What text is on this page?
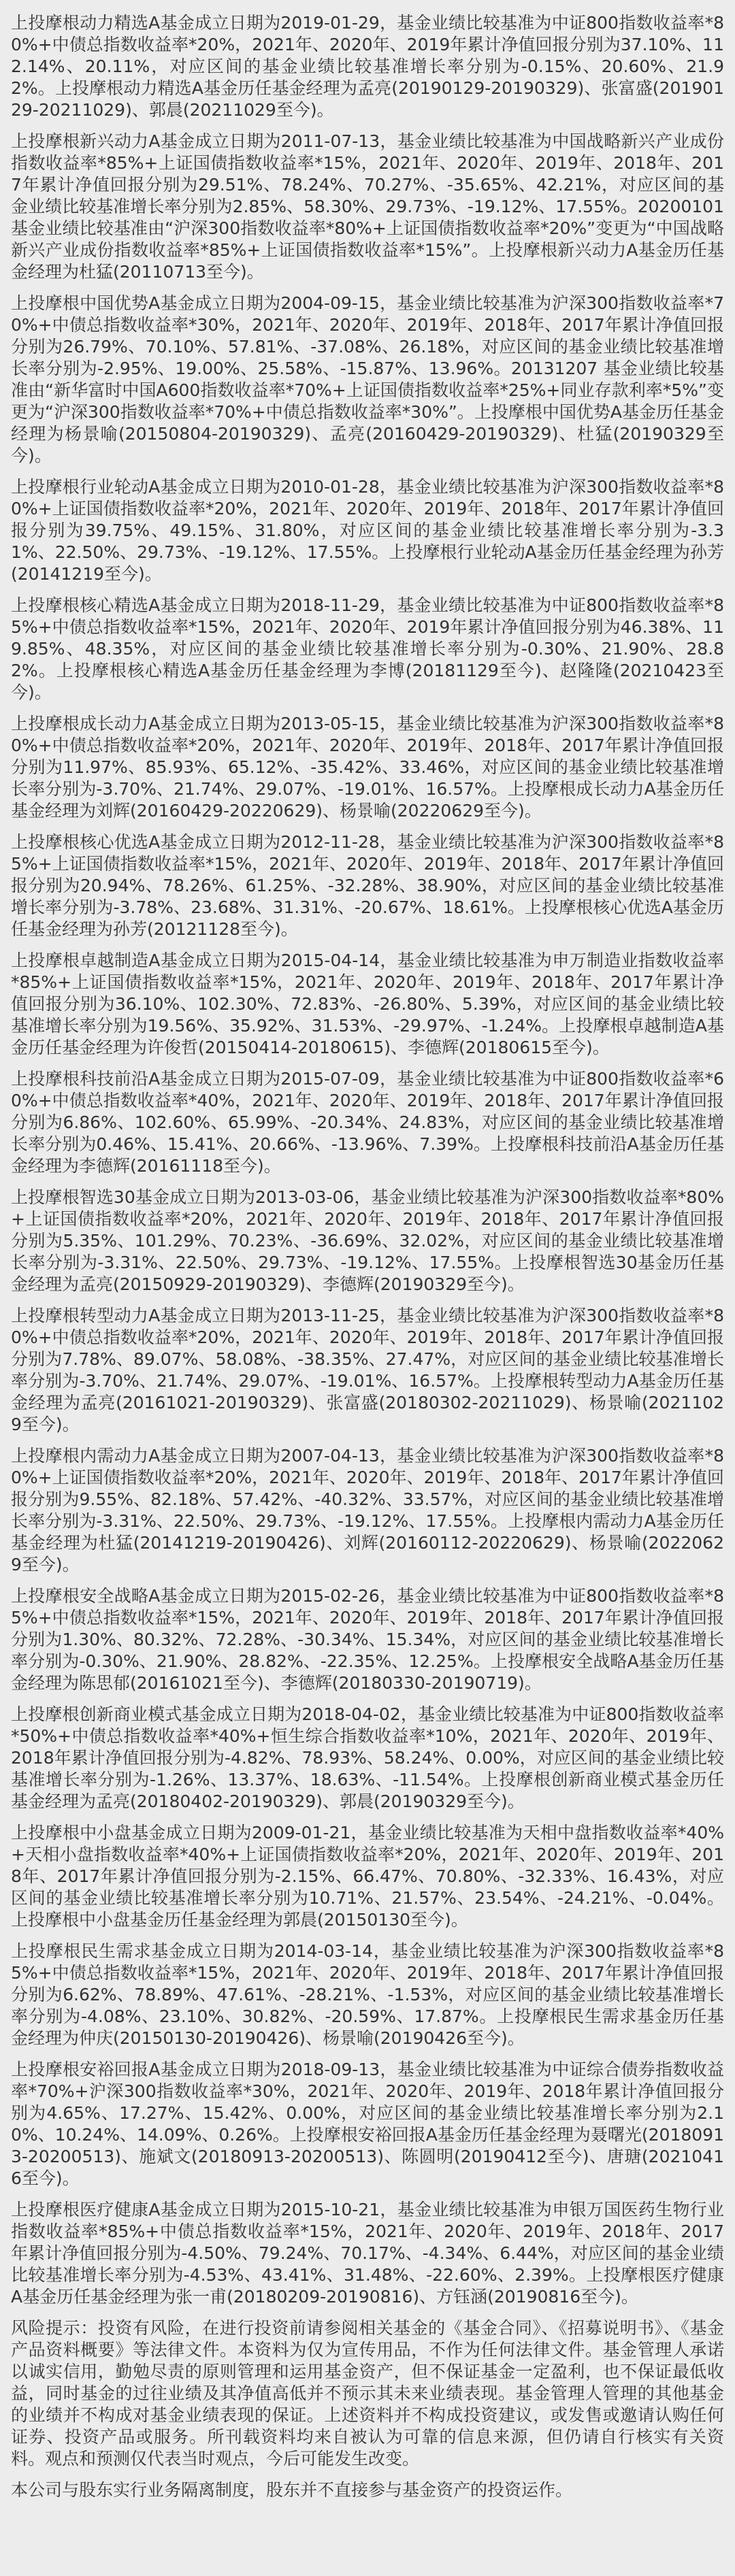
上投摩根动力精选A基金成立日期为2019-01-29，基金业绩比较基准为中证800指数收益率*80%+中债总指数收益率*20%，2021年、2020年、2019年累计净值回报分别为37.10%、112.14%、20.11%，对应区间的基金业绩比较基准增长率分别为-0.15%、20.60%、21.92%。上投摩根动力精选A基金历任基金经理为孟亮(20190129-20190329)、张富盛(20190129-20211029)、郭晨(20211029至今)。

上投摩根新兴动力A基金成立日期为2011-07-13，基金业绩比较基准为中国战略新兴产业成份指数收益率*85%+上证国债指数收益率*15%，2021年、2020年、2019年、2018年、2017年累计净值回报分别为29.51%、78.24%、70.27%、-35.65%、42.21%，对应区间的基金业绩比较基准增长率分别为2.85%、58.30%、29.73%、-19.12%、17.55%。20200101 基金业绩比较基准由“沪深300指数收益率*80%+上证国债指数收益率*20%”变更为“中国战略新兴产业成份指数收益率*85%+上证国债指数收益率*15%”。上投摩根新兴动力A基金历任基金经理为杜猛(20110713至今)。

上投摩根中国优势A基金成立日期为2004-09-15，基金业绩比较基准为沪深300指数收益率*70%+中债总指数收益率*30%，2021年、2020年、2019年、2018年、2017年累计净值回报分别为26.79%、70.10%、57.81%、-37.08%、26.18%，对应区间的基金业绩比较基准增长率分别为-2.95%、19.00%、25.58%、-15.87%、13.96%。20131207 基金业绩比较基准由“新华富时中国A600指数收益率*70%+上证国债指数收益率*25%+同业存款利率*5%”变更为“沪深300指数收益率*70%+中债总指数收益率*30%”。上投摩根中国优势A基金历任基金经理为杨景喻(20150804-20190329)、孟亮(20160429-20190329)、杜猛(20190329至今)。

上投摩根行业轮动A基金成立日期为2010-01-28，基金业绩比较基准为沪深300指数收益率*80%+上证国债指数收益率*20%，2021年、2020年、2019年、2018年、2017年累计净值回报分别为39.75%、49.15%、31.80%，对应区间的基金业绩比较基准增长率分别为-3.31%、22.50%、29.73%、-19.12%、17.55%。上投摩根行业轮动A基金历任基金经理为孙芳(20141219至今)。

上投摩根核心精选A基金成立日期为2018-11-29，基金业绩比较基准为中证800指数收益率*85%+中债总指数收益率*15%，2021年、2020年、2019年累计净值回报分别为46.38%、119.85%、48.35%，对应区间的基金业绩比较基准增长率分别为-0.30%、21.90%、28.82%。上投摩根核心精选A基金历任基金经理为李博(20181129至今)、赵隆隆(20210423至今)。

上投摩根成长动力A基金成立日期为2013-05-15，基金业绩比较基准为沪深300指数收益率*80%+中债总指数收益率*20%，2021年、2020年、2019年、2018年、2017年累计净值回报分别为11.97%、85.93%、65.12%、-35.42%、33.46%，对应区间的基金业绩比较基准增长率分别为-3.70%、21.74%、29.07%、-19.01%、16.57%。上投摩根成长动力A基金历任基金经理为刘辉(20160429-20220629)、杨景喻(20220629至今)。

上投摩根核心优选A基金成立日期为2012-11-28，基金业绩比较基准为沪深300指数收益率*85%+上证国债指数收益率*15%，2021年、2020年、2019年、2018年、2017年累计净值回报分别为20.94%、78.26%、61.25%、-32.28%、38.90%，对应区间的基金业绩比较基准增长率分别为-3.78%、23.68%、31.31%、-20.67%、18.61%。上投摩根核心优选A基金历任基金经理为孙芳(20121128至今)。

上投摩根卓越制造A基金成立日期为2015-04-14，基金业绩比较基准为申万制造业指数收益率*85%+上证国债指数收益率*15%，2021年、2020年、2019年、2018年、2017年累计净值回报分别为36.10%、102.30%、72.83%、-26.80%、5.39%，对应区间的基金业绩比较基准增长率分别为19.56%、35.92%、31.53%、-29.97%、-1.24%。上投摩根卓越制造A基金历任基金经理为许俊哲(20150414-20180615)、李德辉(20180615至今)。

上投摩根科技前沿A基金成立日期为2015-07-09，基金业绩比较基准为中证800指数收益率*60%+中债总指数收益率*40%，2021年、2020年、2019年、2018年、2017年累计净值回报分别为6.86%、102.60%、65.99%、-20.34%、24.83%，对应区间的基金业绩比较基准增长率分别为0.46%、15.41%、20.66%、-13.96%、7.39%。上投摩根科技前沿A基金历任基金经理为李德辉(20161118至今)。

上投摩根智选30基金成立日期为2013-03-06，基金业绩比较基准为沪深300指数收益率*80%+上证国债指数收益率*20%，2021年、2020年、2019年、2018年、2017年累计净值回报分别为5.35%、101.29%、70.23%、-36.69%、32.02%，对应区间的基金业绩比较基准增长率分别为-3.31%、22.50%、29.73%、-19.12%、17.55%。上投摩根智选30基金历任基金经理为孟亮(20150929-20190329)、李德辉(20190329至今)。

上投摩根转型动力A基金成立日期为2013-11-25，基金业绩比较基准为沪深300指数收益率*80%+中债总指数收益率*20%，2021年、2020年、2019年、2018年、2017年累计净值回报分别为7.78%、89.07%、58.08%、-38.35%、27.47%，对应区间的基金业绩比较基准增长率分别为-3.70%、21.74%、29.07%、-19.01%、16.57%。上投摩根转型动力A基金历任基金经理为孟亮(20161021-20190329)、张富盛(20180302-20211029)、杨景喻(20211029至今)。

上投摩根内需动力A基金成立日期为2007-04-13，基金业绩比较基准为沪深300指数收益率*80%+上证国债指数收益率*20%，2021年、2020年、2019年、2018年、2017年累计净值回报分别为9.55%、82.18%、57.42%、-40.32%、33.57%，对应区间的基金业绩比较基准增长率分别为-3.31%、22.50%、29.73%、-19.12%、17.55%。上投摩根内需动力A基金历任基金经理为杜猛(20141219-20190426)、刘辉(20160112-20220629)、杨景喻(20220629至今)。

上投摩根安全战略A基金成立日期为2015-02-26，基金业绩比较基准为中证800指数收益率*85%+中债总指数收益率*15%，2021年、2020年、2019年、2018年、2017年累计净值回报分别为1.30%、80.32%、72.28%、-30.34%、15.34%，对应区间的基金业绩比较基准增长率分别为-0.30%、21.90%、28.82%、-22.35%、12.25%。上投摩根安全战略A基金历任基金经理为陈思郁(20161021至今)、李德辉(20180330-20190719)。

上投摩根创新商业模式基金成立日期为2018-04-02，基金业绩比较基准为中证800指数收益率*50%+中债总指数收益率*40%+恒生综合指数收益率*10%，2021年、2020年、2019年、2018年累计净值回报分别为-4.82%、78.93%、58.24%、0.00%，对应区间的基金业绩比较基准增长率分别为-1.26%、13.37%、18.63%、-11.54%。上投摩根创新商业模式基金历任基金经理为孟亮(20180402-20190329)、郭晨(20190329至今)。

上投摩根中小盘基金成立日期为2009-01-21，基金业绩比较基准为天相中盘指数收益率*40%+天相小盘指数收益率*40%+上证国债指数收益率*20%，2021年、2020年、2019年、2018年、2017年累计净值回报分别为-2.15%、66.47%、70.80%、-32.33%、16.43%，对应区间的基金业绩比较基准增长率分别为10.71%、21.57%、23.54%、-24.21%、-0.04%。上投摩根中小盘基金历任基金经理为郭晨(20150130至今)。

上投摩根民生需求基金成立日期为2014-03-14，基金业绩比较基准为沪深300指数收益率*85%+中债总指数收益率*15%，2021年、2020年、2019年、2018年、2017年累计净值回报分别为6.62%、78.89%、47.61%、-28.21%、-1.53%，对应区间的基金业绩比较基准增长率分别为-4.08%、23.10%、30.82%、-20.59%、17.87%。上投摩根民生需求基金历任基金经理为仲庆(20150130-20190426)、杨景喻(20190426至今)。

上投摩根安裕回报A基金成立日期为2018-09-13，基金业绩比较基准为中证综合债券指数收益率*70%+沪深300指数收益率*30%，2021年、2020年、2019年、2018年累计净值回报分别为4.65%、17.27%、15.42%、0.00%，对应区间的基金业绩比较基准增长率分别为2.10%、10.24%、14.09%、0.26%。上投摩根安裕回报A基金历任基金经理为聂曙光(20180913-20200513)、施斌文(20180913-20200513)、陈圆明(20190412至今)、唐瑭(20210416至今)。

上投摩根医疗健康A基金成立日期为2015-10-21，基金业绩比较基准为申银万国医药生物行业指数收益率*85%+中债总指数收益率*15%，2021年、2020年、2019年、2018年、2017年累计净值回报分别为-4.50%、79.24%、70.17%、-4.34%、6.44%，对应区间的基金业绩比较基准增长率分别为-4.53%、43.41%、31.48%、-22.60%、2.39%。上投摩根医疗健康A基金历任基金经理为张一甫(20180209-20190816)、方钰涵(20190816至今)。

风险提示：投资有风险，在进行投资前请参阅相关基金的《基金合同》、《招募说明书》、《基金产品资料概要》等法律文件。本资料为仅为宣传用品，不作为任何法律文件。基金管理人承诺以诚实信用，勤勉尽责的原则管理和运用基金资产，但不保证基金一定盈利，也不保证最低收益，同时基金的过往业绩及其净值高低并不预示其未来业绩表现。基金管理人管理的其他基金的业绩并不构成对基金业绩表现的保证。上述资料并不构成投资建议，或发售或邀请认购任何证券、投资产品或服务。所刊载资料均来自被认为可靠的信息来源，但仍请自行核实有关资料。观点和预测仅代表当时观点，今后可能发生改变。

本公司与股东实行业务隔离制度，股东并不直接参与基金资产的投资运作。
